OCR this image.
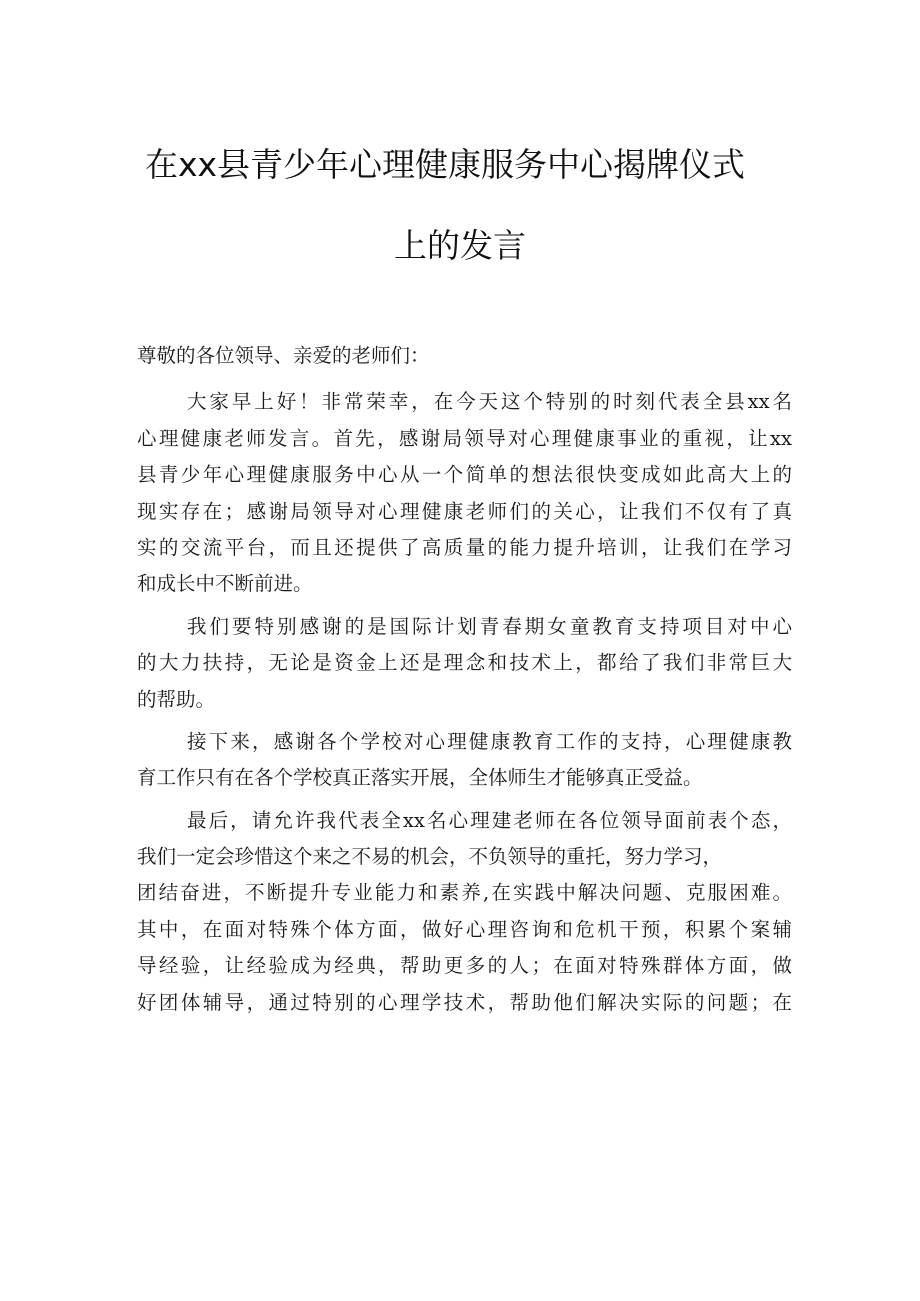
在xx县青少年心理健康服务中心揭牌仪式
上的发言
尊敬的各位领导、亲爱的老师们：
大家早上好！非常荣幸，在今天这个特别的时刻代表全县xx名
心理健康老师发言。首先，感谢局领导对心理健康事业的重视，让xx
县青少年心理健康服务中心从一个简单的想法很快变成如此高大上的
现实存在；感谢局领导对心理健康老师们的关心，让我们不仅有了真
实的交流平台，而且还提供了高质量的能力提升培训，让我们在学习
和成长中不断前进。
我们要特别感谢的是国际计划青春期女童教育支持项目对中心
的大力扶持，无论是资金上还是理念和技术上，都给了我们非常巨大
的帮助。
接下来，感谢各个学校对心理健康教育工作的支持，心理健康教
育工作只有在各个学校真正落实开展，全体师生才能够真正受益。
最后，请允许我代表全xx名心理建老师在各位领导面前表个态，
我们一定会珍惜这个来之不易的机会，不负领导的重托，努力学习，
团结奋进，不断提升专业能力和素养,在实践中解决问题、克服困难。
其中，在面对特殊个体方面，做好心理咨询和危机干预，积累个案辅
导经验，让经验成为经典，帮助更多的人；在面对特殊群体方面，做
好团体辅导，通过特别的心理学技术，帮助他们解决实际的问题；在
